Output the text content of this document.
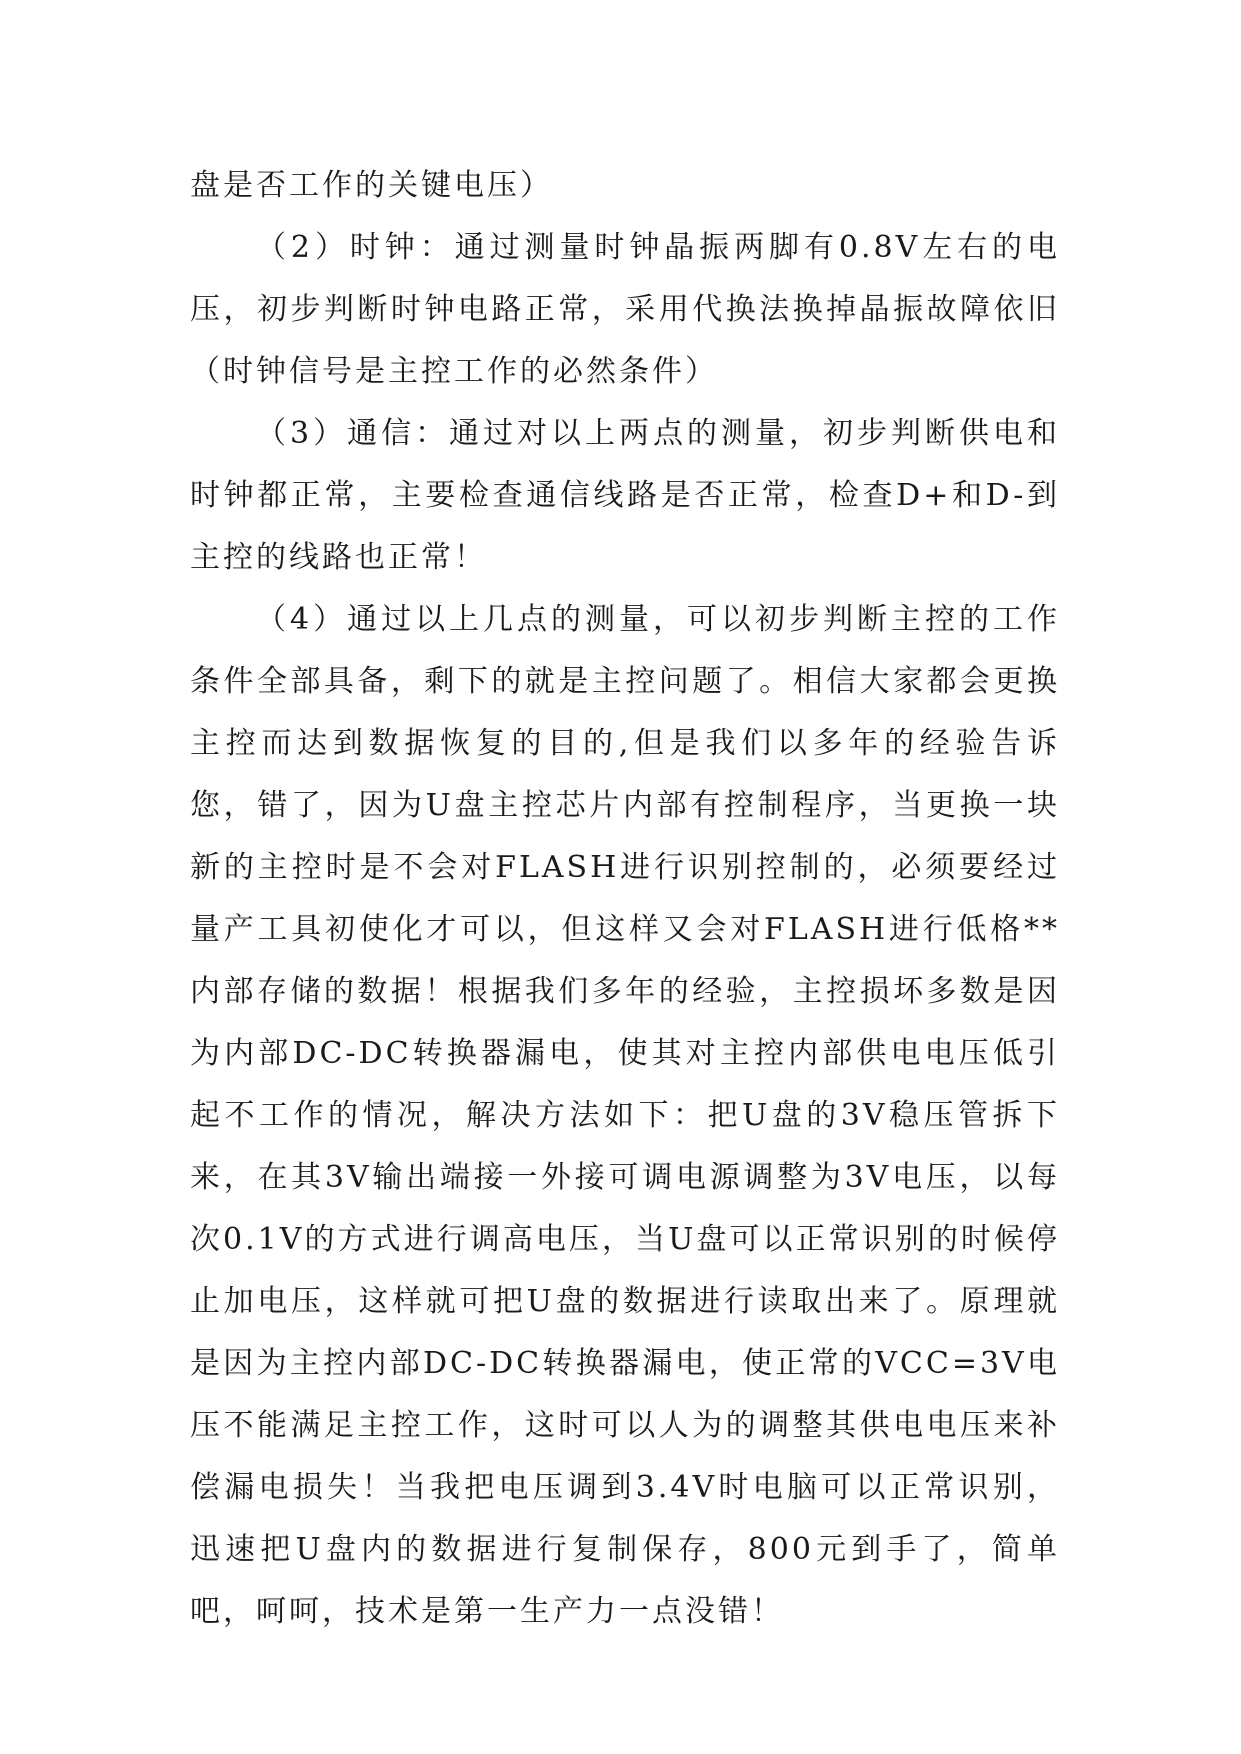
盘是否工作的关键电压）

（2）时钟：通过测量时钟晶振两脚有0.8V左右的电压，初步判断时钟电路正常，采用代换法换掉晶振故障依旧（时钟信号是主控工作的必然条件）

（3）通信：通过对以上两点的测量，初步判断供电和时钟都正常，主要检查通信线路是否正常，检查D+和D-到主控的线路也正常！

（4）通过以上几点的测量，可以初步判断主控的工作条件全部具备，剩下的就是主控问题了。相信大家都会更换主控而达到数据恢复的目的,但是我们以多年的经验告诉您，错了，因为U盘主控芯片内部有控制程序，当更换一块新的主控时是不会对FLASH进行识别控制的，必须要经过量产工具初使化才可以，但这样又会对FLASH进行低格**内部存储的数据！根据我们多年的经验，主控损坏多数是因为内部DC-DC转换器漏电，使其对主控内部供电电压低引起不工作的情况，解决方法如下：把U盘的3V稳压管拆下来，在其3V输出端接一外接可调电源调整为3V电压，以每次0.1V的方式进行调高电压，当U盘可以正常识别的时候停止加电压，这样就可把U盘的数据进行读取出来了。原理就是因为主控内部DC-DC转换器漏电，使正常的VCC=3V电压不能满足主控工作，这时可以人为的调整其供电电压来补偿漏电损失！当我把电压调到3.4V时电脑可以正常识别，迅速把U盘内的数据进行复制保存，800元到手了，简单吧，呵呵，技术是第一生产力一点没错！
